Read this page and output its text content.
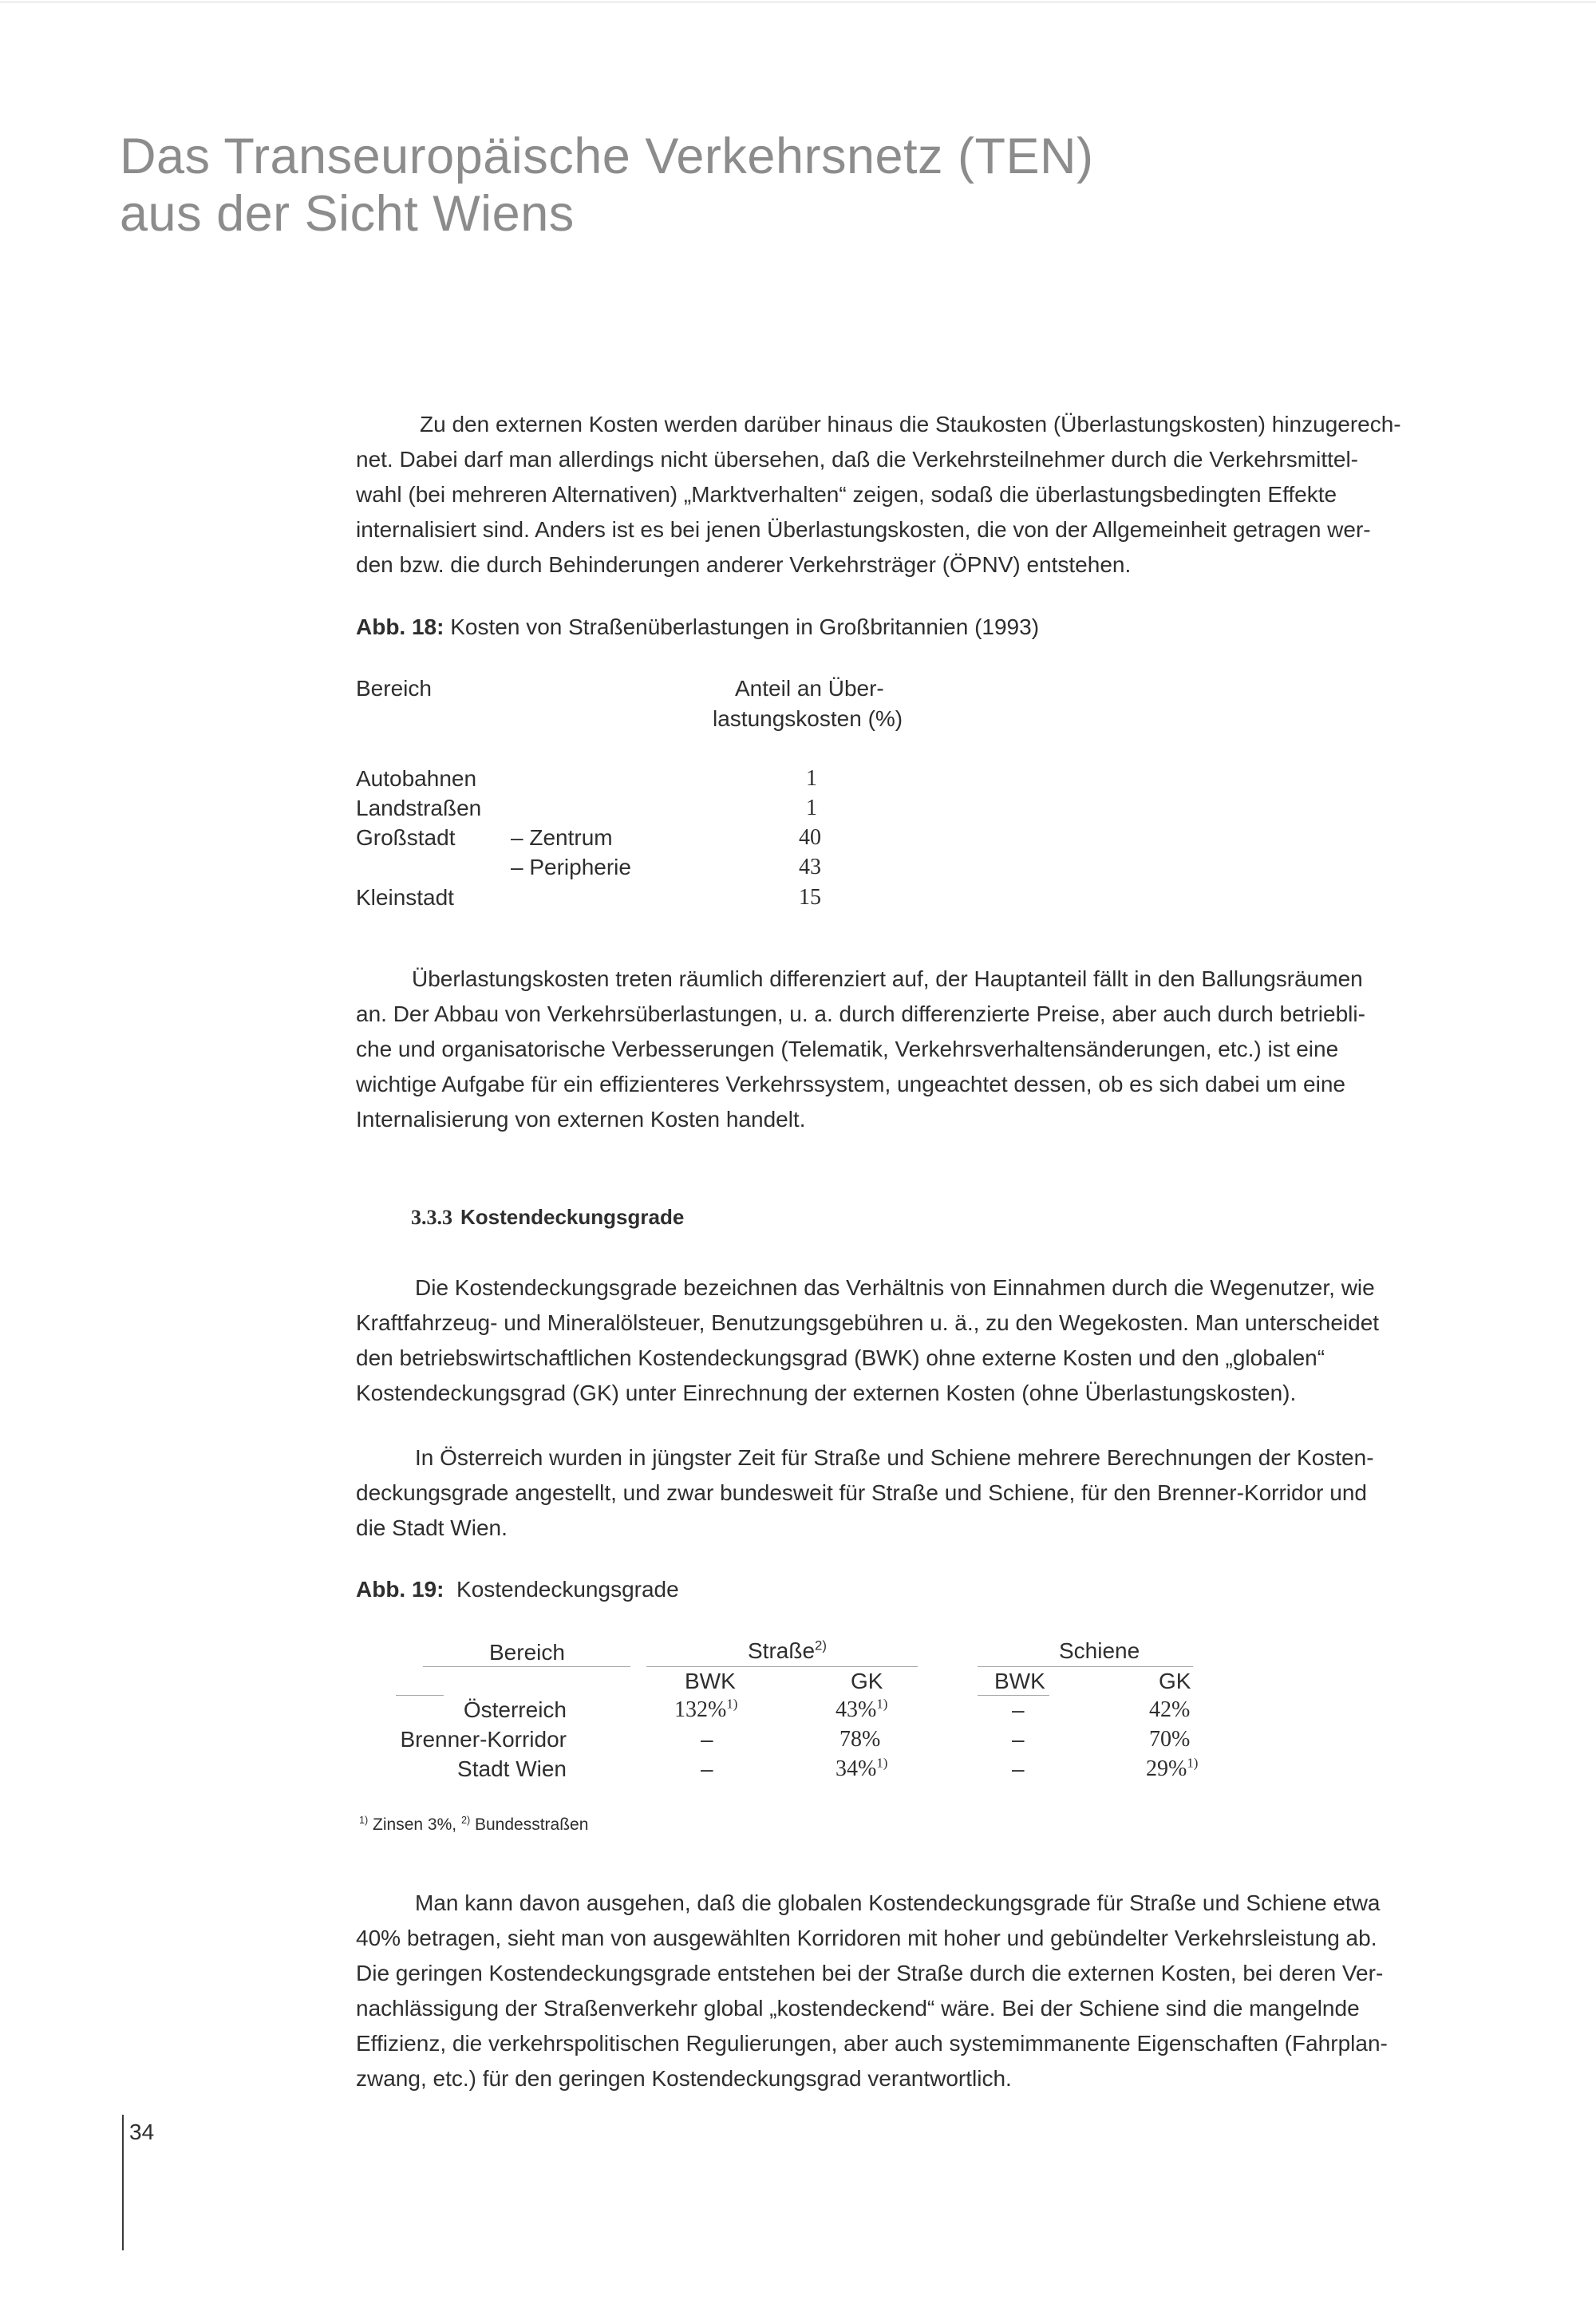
Das Transeuropäische Verkehrsnetz (TEN)
aus der Sicht Wiens
Zu den externen Kosten werden darüber hinaus die Staukosten (Überlastungskosten) hinzugerech-
net. Dabei darf man allerdings nicht übersehen, daß die Verkehrsteilnehmer durch die Verkehrsmittel-
wahl (bei mehreren Alternativen) „Marktverhalten“ zeigen, sodaß die überlastungsbedingten Effekte
internalisiert sind. Anders ist es bei jenen Überlastungskosten, die von der Allgemeinheit getragen wer-
den bzw. die durch Behinderungen anderer Verkehrsträger (ÖPNV) entstehen.
Abb. 18: Kosten von Straßenüberlastungen in Großbritannien (1993)
Bereich	Anteil an Über-
lastungskosten (%)
Autobahnen	1
Landstraßen	1
Großstadt – Zentrum	40
– Peripherie	43
Kleinstadt	15
Überlastungskosten treten räumlich differenziert auf, der Hauptanteil fällt in den Ballungsräumen
an. Der Abbau von Verkehrsüberlastungen, u. a. durch differenzierte Preise, aber auch durch betriebli-
che und organisatorische Verbesserungen (Telematik, Verkehrsverhaltensänderungen, etc.) ist eine
wichtige Aufgabe für ein effizienteres Verkehrssystem, ungeachtet dessen, ob es sich dabei um eine
Internalisierung von externen Kosten handelt.
3.3.3 Kostendeckungsgrade
Die Kostendeckungsgrade bezeichnen das Verhältnis von Einnahmen durch die Wegenutzer, wie
Kraftfahrzeug- und Mineralölsteuer, Benutzungsgebühren u. ä., zu den Wegekosten. Man unterscheidet
den betriebswirtschaftlichen Kostendeckungsgrad (BWK) ohne externe Kosten und den „globalen“
Kostendeckungsgrad (GK) unter Einrechnung der externen Kosten (ohne Überlastungskosten).
In Österreich wurden in jüngster Zeit für Straße und Schiene mehrere Berechnungen der Kosten-
deckungsgrade angestellt, und zwar bundesweit für Straße und Schiene, für den Brenner-Korridor und
die Stadt Wien.
Abb. 19: Kostendeckungsgrade
Bereich	Straße$^{2)}$	Schiene
BWK	GK	BWK	GK
Österreich	132%$^{1)}$	43%$^{1)}$	–	42%
Brenner-Korridor	–	78%	–	70%
Stadt Wien	–	34%$^{1)}$	–	29%$^{1)}$
$^{1)}$ Zinsen 3%, $^{2)}$ Bundesstraßen
Man kann davon ausgehen, daß die globalen Kostendeckungsgrade für Straße und Schiene etwa
40% betragen, sieht man von ausgewählten Korridoren mit hoher und gebündelter Verkehrsleistung ab.
Die geringen Kostendeckungsgrade entstehen bei der Straße durch die externen Kosten, bei deren Ver-
nachlässigung der Straßenverkehr global „kostendeckend“ wäre. Bei der Schiene sind die mangelnde
Effizienz, die verkehrspolitischen Regulierungen, aber auch systemimmanente Eigenschaften (Fahrplan-
zwang, etc.) für den geringen Kostendeckungsgrad verantwortlich.
34
